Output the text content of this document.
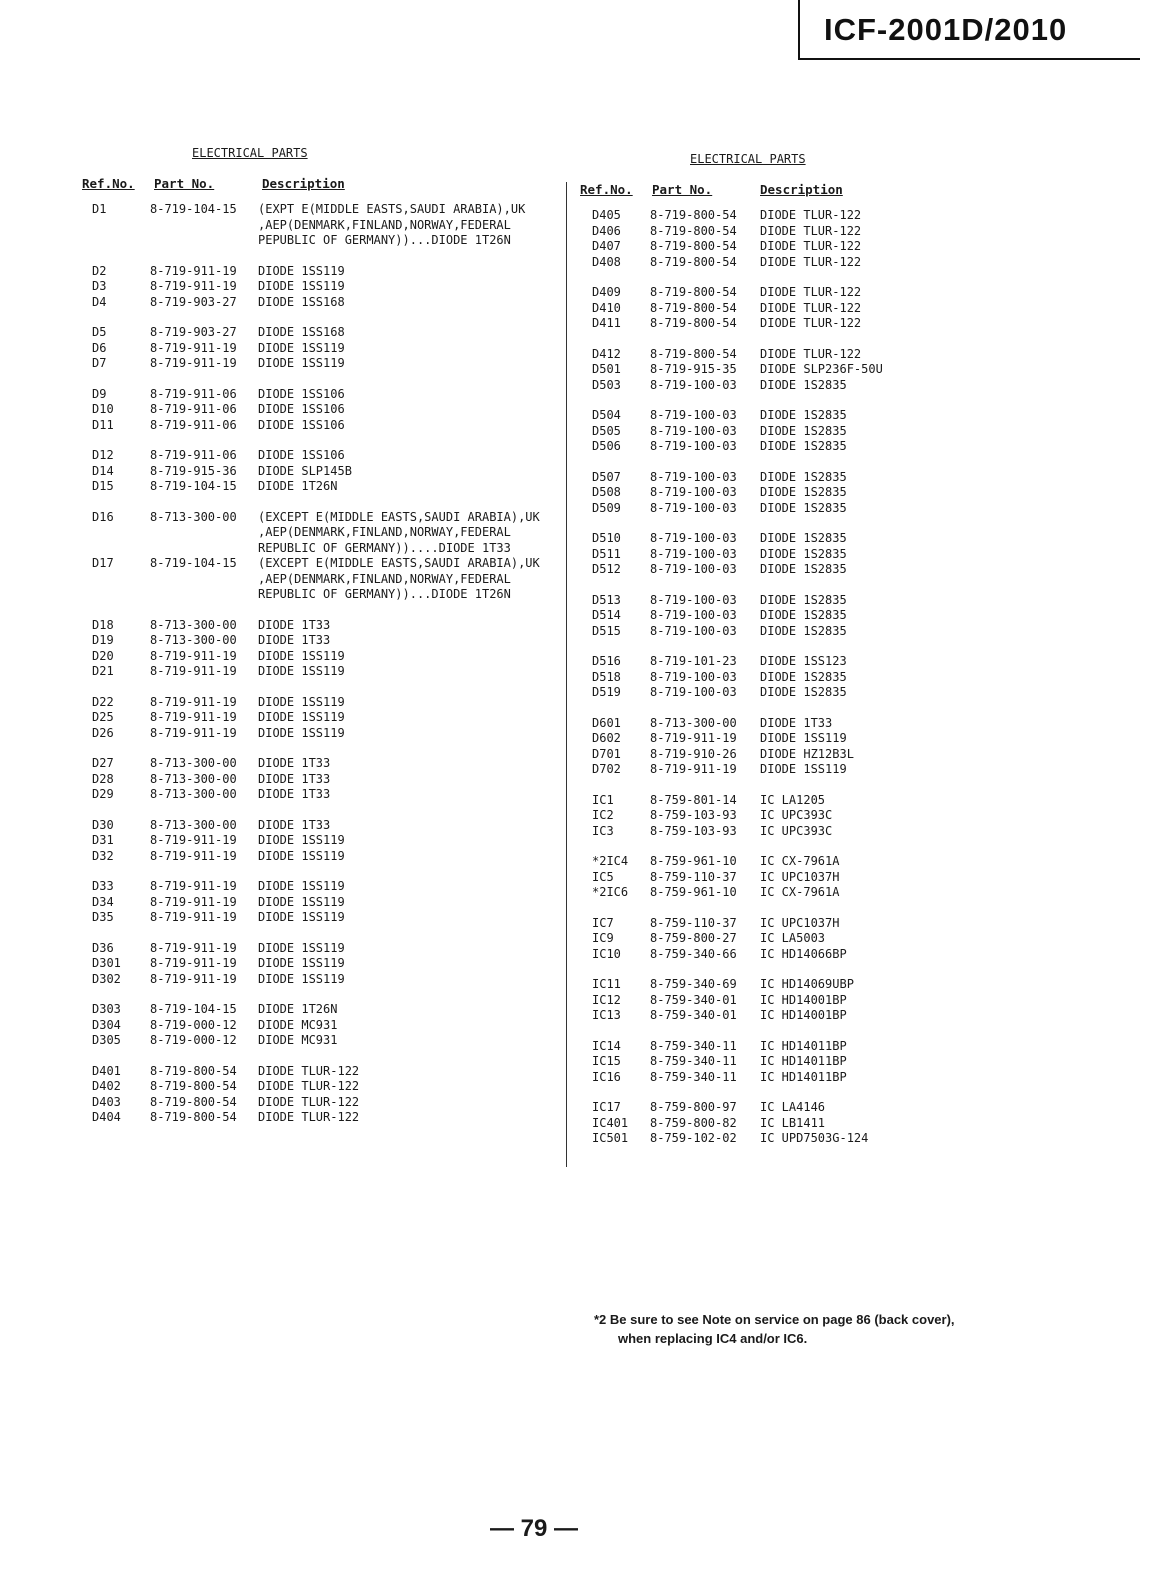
ICF-2001D/2010
ELECTRICAL PARTS
Ref.No. Part No.	Description
D1	8-719-104-15 (EXPT E(MIDDLE EASTS,SAUDI ARABIA),UK
,AEP(DENMARK,FINLAND,NORWAY,FEDERAL
PEPUBLIC OF GERMANY))...DIODE 1T26N
D2	8-719-911-19 DIODE 1SS119
D3	8-719-911-19 DIODE 1SS119
D4	8-719-903-27 DIODE 1SS168
D5	8-719-903-27 DIODE 1SS168
D6	8-719-911-19 DIODE 1SS119
D7	8-719-911-19 DIODE 1SS119
D9	8-719-911-06 DIODE 1SS106
D10	8-719-911-06 DIODE 1SS106
D11	8-719-911-06 DIODE 1SS106
D12	8-719-911-06 DIODE 1SS106
D14	8-719-915-36 DIODE SLP145B
D15	8-719-104-15 DIODE 1T26N
D16	8-713-300-00 (EXCEPT E(MIDDLE EASTS,SAUDI ARABIA),UK
,AEP(DENMARK,FINLAND,NORWAY,FEDERAL
REPUBLIC OF GERMANY))....DIODE 1T33
D17	8-719-104-15 (EXCEPT E(MIDDLE EASTS,SAUDI ARABIA),UK
,AEP(DENMARK,FINLAND,NORWAY,FEDERAL
REPUBLIC OF GERMANY))...DIODE 1T26N
D18	8-713-300-00 DIODE 1T33
D19	8-713-300-00 DIODE 1T33
D20	8-719-911-19 DIODE 1SS119
D21	8-719-911-19 DIODE 1SS119
D22	8-719-911-19 DIODE 1SS119
D25	8-719-911-19 DIODE 1SS119
D26	8-719-911-19 DIODE 1SS119
D27	8-713-300-00 DIODE 1T33
D28	8-713-300-00 DIODE 1T33
D29	8-713-300-00 DIODE 1T33
D30	8-713-300-00 DIODE 1T33
D31	8-719-911-19 DIODE 1SS119
D32	8-719-911-19 DIODE 1SS119
D33	8-719-911-19 DIODE 1SS119
D34	8-719-911-19 DIODE 1SS119
D35	8-719-911-19 DIODE 1SS119
D36	8-719-911-19 DIODE 1SS119
D301	8-719-911-19 DIODE 1SS119
D302	8-719-911-19 DIODE 1SS119
D303	8-719-104-15 DIODE 1T26N
D304	8-719-000-12 DIODE MC931
D305	8-719-000-12 DIODE MC931
D401	8-719-800-54 DIODE TLUR-122
D402	8-719-800-54 DIODE TLUR-122
D403	8-719-800-54 DIODE TLUR-122
D404	8-719-800-54 DIODE TLUR-122
ELECTRICAL PARTS
Ref.No. Part No.	Description
D405	8-719-800-54 DIODE TLUR-122
D406	8-719-800-54 DIODE TLUR-122
D407	8-719-800-54 DIODE TLUR-122
D408	8-719-800-54 DIODE TLUR-122
D409	8-719-800-54 DIODE TLUR-122
D410	8-719-800-54 DIODE TLUR-122
D411	8-719-800-54 DIODE TLUR-122
D412	8-719-800-54 DIODE TLUR-122
D501	8-719-915-35 DIODE SLP236F-50U
D503	8-719-100-03 DIODE 1S2835
D504	8-719-100-03 DIODE 1S2835
D505	8-719-100-03 DIODE 1S2835
D506	8-719-100-03 DIODE 1S2835
D507	8-719-100-03 DIODE 1S2835
D508	8-719-100-03 DIODE 1S2835
D509	8-719-100-03 DIODE 1S2835
D510	8-719-100-03 DIODE 1S2835
D511	8-719-100-03 DIODE 1S2835
D512	8-719-100-03 DIODE 1S2835
D513	8-719-100-03 DIODE 1S2835
D514	8-719-100-03 DIODE 1S2835
D515	8-719-100-03 DIODE 1S2835
D516	8-719-101-23 DIODE 1SS123
D518	8-719-100-03 DIODE 1S2835
D519	8-719-100-03 DIODE 1S2835
D601	8-713-300-00 DIODE 1T33
D602	8-719-911-19 DIODE 1SS119
D701	8-719-910-26 DIODE HZ12B3L
D702	8-719-911-19 DIODE 1SS119
IC1	8-759-801-14 IC LA1205
IC2	8-759-103-93 IC UPC393C
IC3	8-759-103-93 IC UPC393C
*2IC4	8-759-961-10 IC CX-7961A
IC5	8-759-110-37 IC UPC1037H
*2IC6	8-759-961-10 IC CX-7961A
IC7	8-759-110-37 IC UPC1037H
IC9	8-759-800-27 IC LA5003
IC10	8-759-340-66 IC HD14066BP
IC11	8-759-340-69 IC HD14069UBP
IC12	8-759-340-01 IC HD14001BP
IC13	8-759-340-01 IC HD14001BP
IC14	8-759-340-11 IC HD14011BP
IC15	8-759-340-11 IC HD14011BP
IC16	8-759-340-11 IC HD14011BP
IC17	8-759-800-97 IC LA4146
IC401	8-759-800-82 IC LB1411
IC501	8-759-102-02 IC UPD7503G-124
*2 Be sure to see Note on service on page 86 (back cover),
when replacing IC4 and/or IC6.
— 79 —
